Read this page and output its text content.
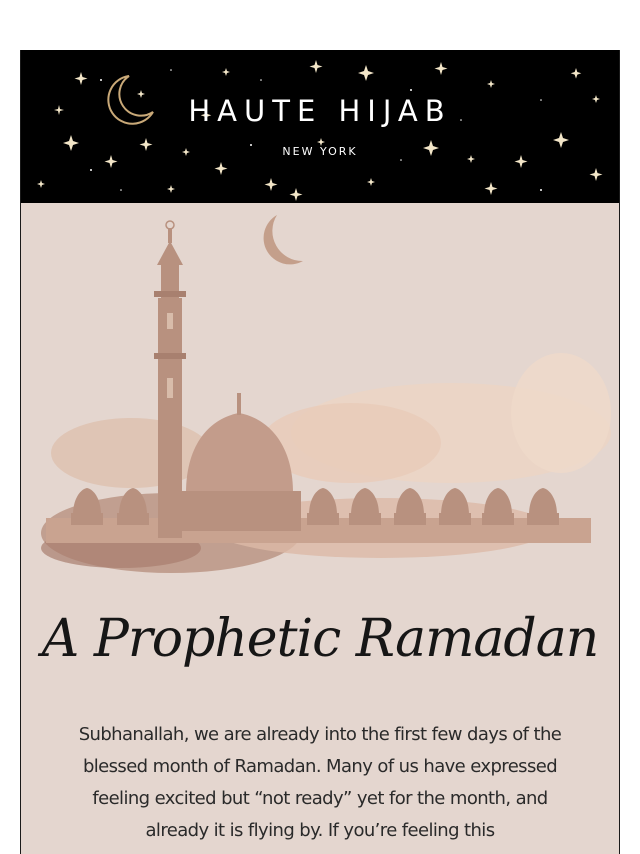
HAUTE HIJAB
NEW YORK
A Prophetic Ramadan

Subhanallah, we are already into the first few days of the blessed month of Ramadan. Many of us have expressed feeling excited but “not ready” yet for the month, and already it is flying by. If you’re feeling this
